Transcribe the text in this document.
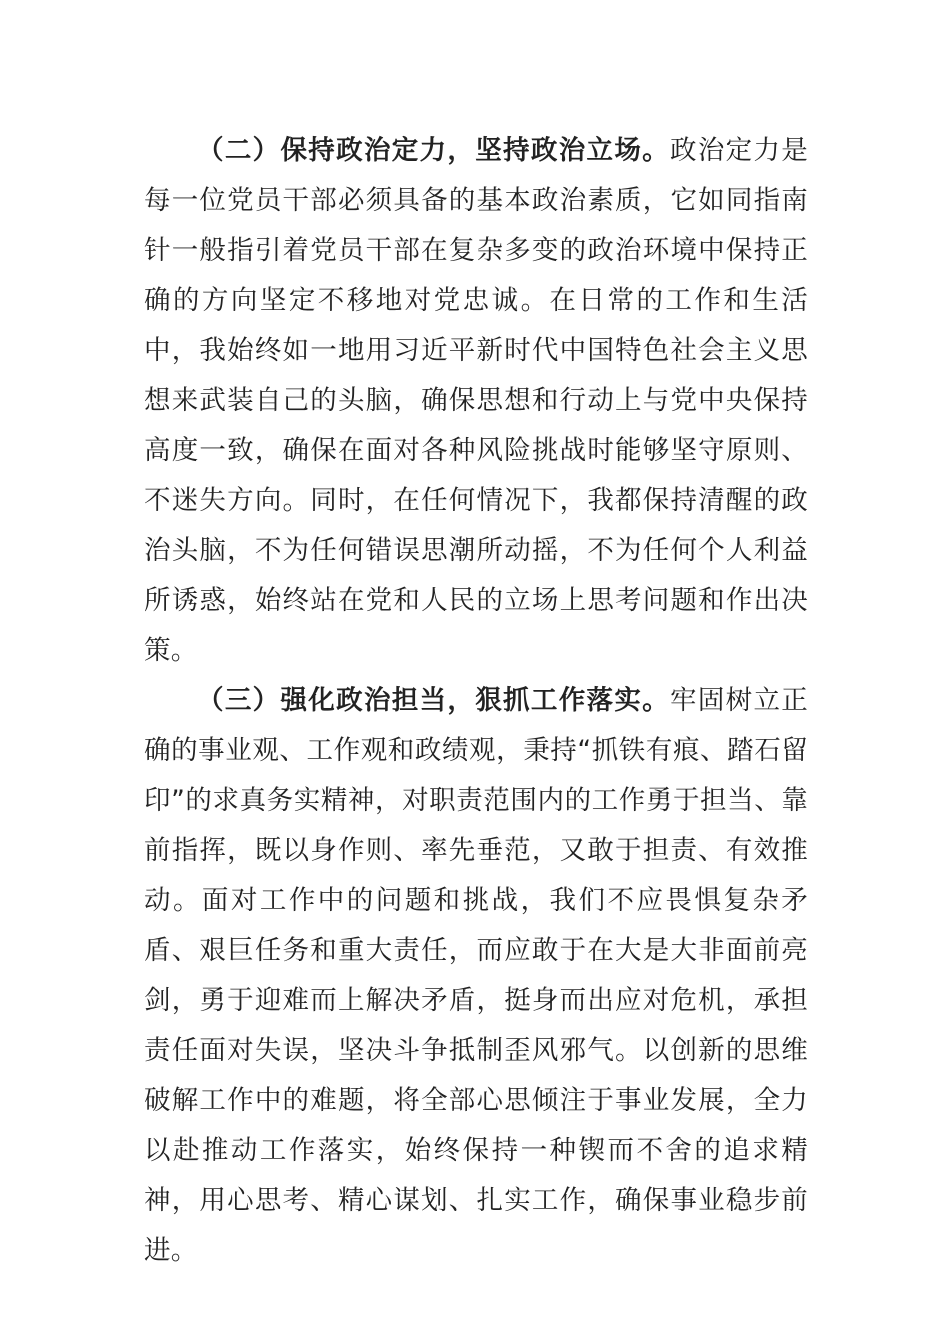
（二）保持政治定力，坚持政治立场。政治定力是每一位党员干部必须具备的基本政治素质，它如同指南针一般指引着党员干部在复杂多变的政治环境中保持正确的方向坚定不移地对党忠诚。在日常的工作和生活中，我始终如一地用习近平新时代中国特色社会主义思想来武装自己的头脑，确保思想和行动上与党中央保持高度一致，确保在面对各种风险挑战时能够坚守原则、不迷失方向。同时，在任何情况下，我都保持清醒的政治头脑，不为任何错误思潮所动摇，不为任何个人利益所诱惑，始终站在党和人民的立场上思考问题和作出决策。

（三）强化政治担当，狠抓工作落实。牢固树立正确的事业观、工作观和政绩观，秉持“抓铁有痕、踏石留印”的求真务实精神，对职责范围内的工作勇于担当、靠前指挥，既以身作则、率先垂范，又敢于担责、有效推动。面对工作中的问题和挑战，我们不应畏惧复杂矛盾、艰巨任务和重大责任，而应敢于在大是大非面前亮剑，勇于迎难而上解决矛盾，挺身而出应对危机，承担责任面对失误，坚决斗争抵制歪风邪气。以创新的思维破解工作中的难题，将全部心思倾注于事业发展，全力以赴推动工作落实，始终保持一种锲而不舍的追求精神，用心思考、精心谋划、扎实工作，确保事业稳步前进。
